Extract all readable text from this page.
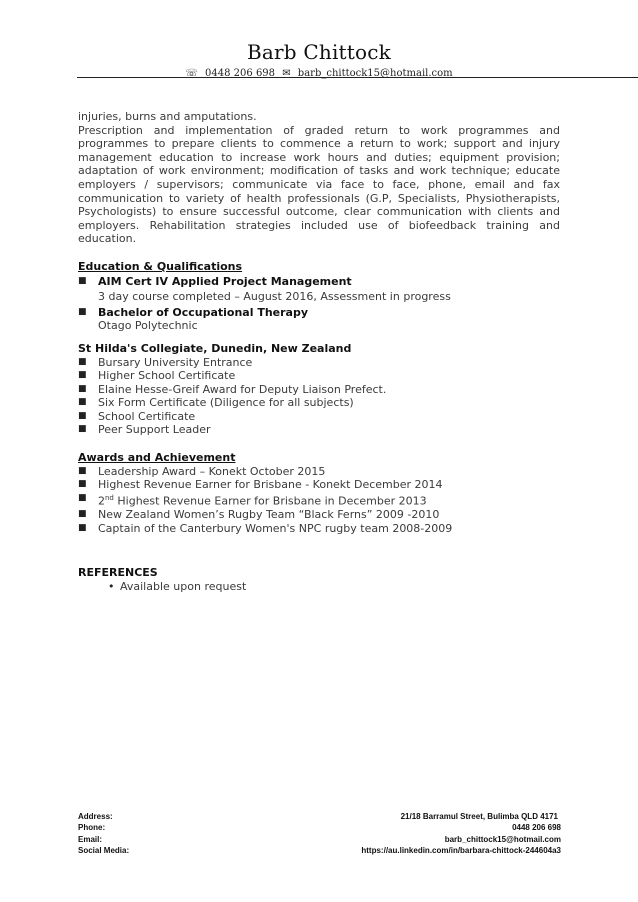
Barb Chittock
☏ 0448 206 698 ✉ barb_chittock15@hotmail.com

injuries, burns and amputations.

Prescription and implementation of graded return to work programmes and programmes to prepare clients to commence a return to work; support and injury management education to increase work hours and duties; equipment provision; adaptation of work environment; modification of tasks and work technique; educate employers / supervisors; communicate via face to face, phone, email and fax communication to variety of health professionals (G.P, Specialists, Physiotherapists, Psychologists) to ensure successful outcome, clear communication with clients and employers. Rehabilitation strategies included use of biofeedback training and education.

Education & Qualifications

■ AIM Cert IV Applied Project Management
3 day course completed – August 2016, Assessment in progress
■ Bachelor of Occupational Therapy
Otago Polytechnic

St Hilda's Collegiate, Dunedin, New Zealand

■ Bursary University Entrance
■ Higher School Certificate
■ Elaine Hesse-Greif Award for Deputy Liaison Prefect.
■ Six Form Certificate (Diligence for all subjects)
■ School Certificate
■ Peer Support Leader

Awards and Achievement

■ Leadership Award – Konekt October 2015
■ Highest Revenue Earner for Brisbane - Konekt December 2014
■ 2nd Highest Revenue Earner for Brisbane in December 2013
■ New Zealand Women’s Rugby Team “Black Ferns” 2009 -2010
■ Captain of the Canterbury Women's NPC rugby team 2008-2009

REFERENCES

• Available upon request
Address:	21/18 Barramul Street, Bulimba QLD 4171
Phone:	0448 206 698
Email:	barb_chittock15@hotmail.com
Social Media:	https://au.linkedin.com/in/barbara-chittock-244604a3
